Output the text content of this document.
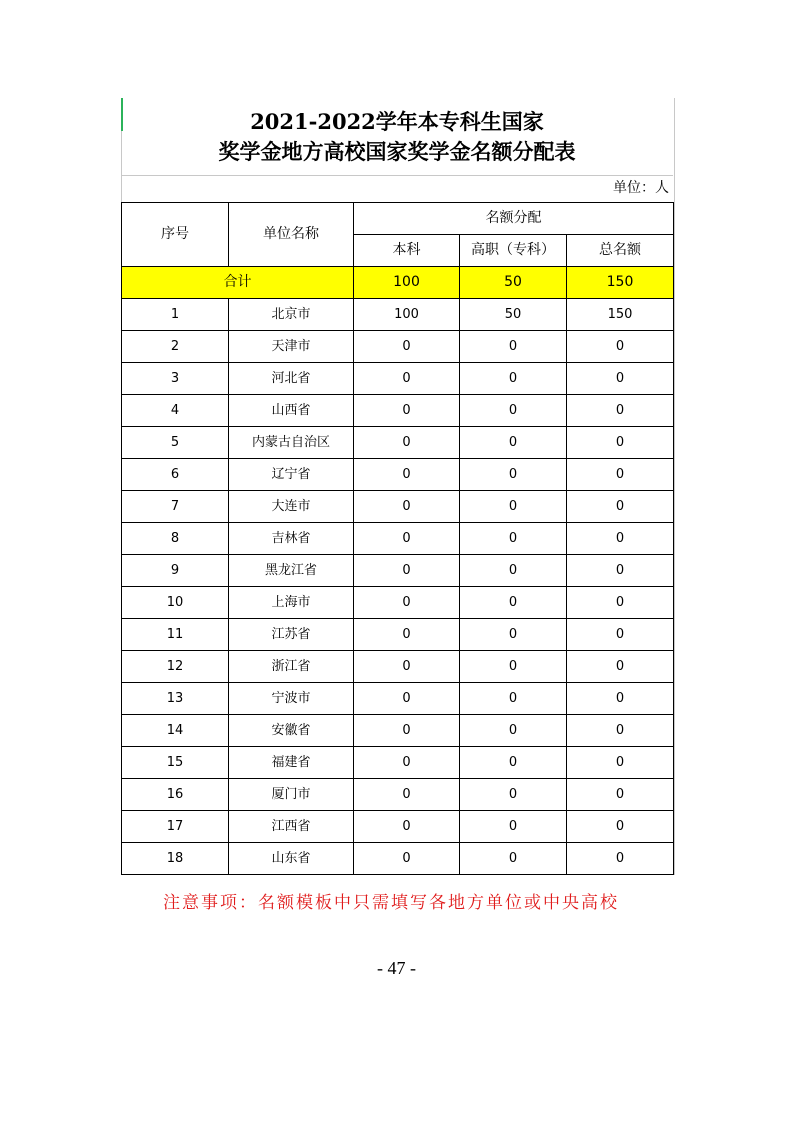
2021-2022学年本专科生国家
奖学金地方高校国家奖学金名额分配表
单位：人
序号	单位名称	名额分配		
		本科	高职（专科）	总名额
合计		100	50	150
1	北京市	100	50	150
2	天津市	0	0	0
3	河北省	0	0	0
4	山西省	0	0	0
5	内蒙古自治区	0	0	0
6	辽宁省	0	0	0
7	大连市	0	0	0
8	吉林省	0	0	0
9	黑龙江省	0	0	0
10	上海市	0	0	0
11	江苏省	0	0	0
12	浙江省	0	0	0
13	宁波市	0	0	0
14	安徽省	0	0	0
15	福建省	0	0	0
16	厦门市	0	0	0
17	江西省	0	0	0
18	山东省	0	0	0
注意事项：名额模板中只需填写各地方单位或中央高校
- 47 -
